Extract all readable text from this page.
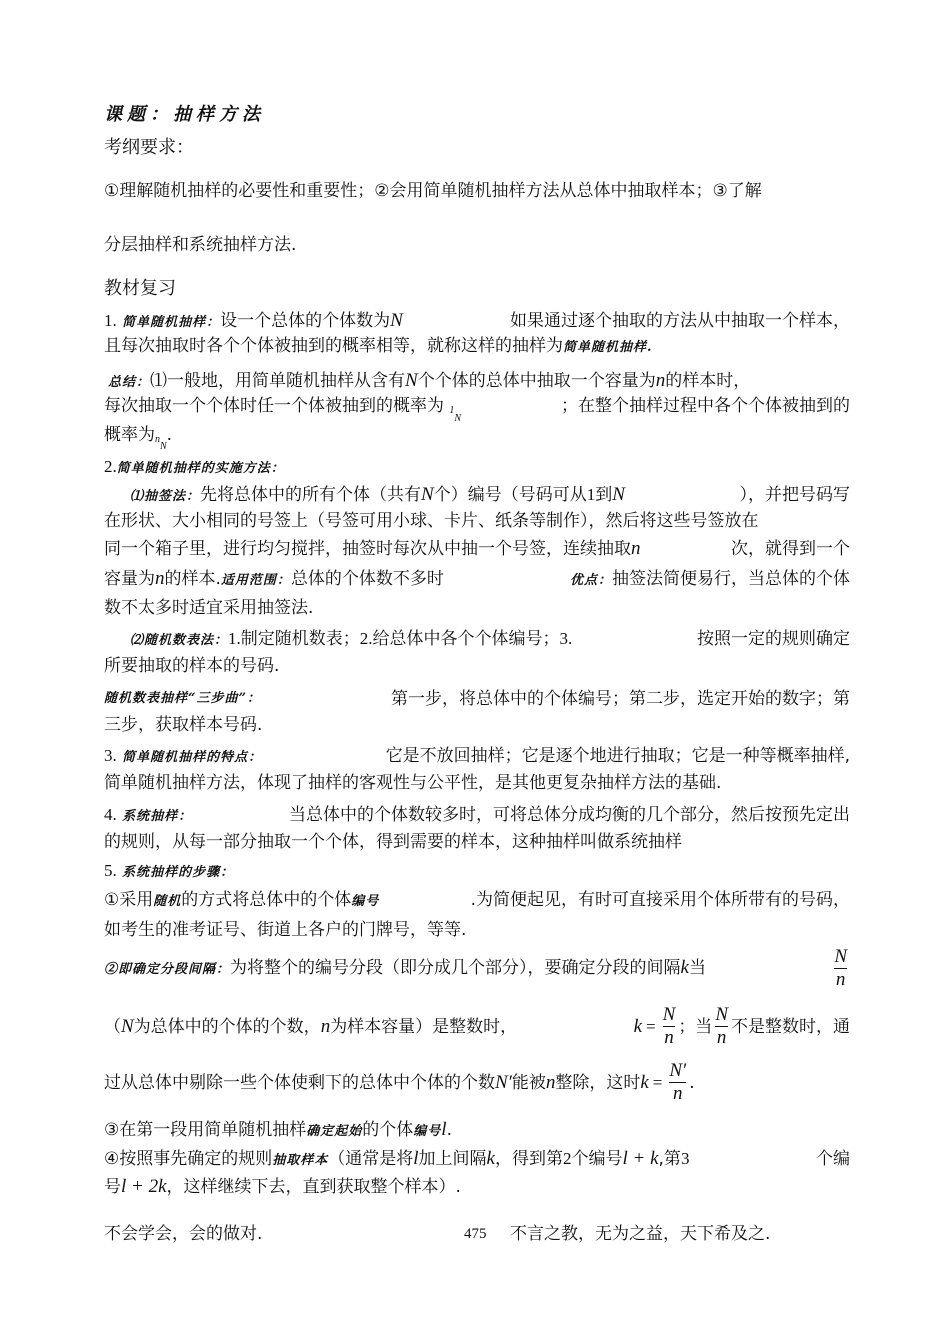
课题：抽样方法
考纲要求：
①理解随机抽样的必要性和重要性；②会用简单随机抽样方法从总体中抽取样本；③了解
分层抽样和系统抽样方法.
教材复习
1. 简单随机抽样：设一个总体的个体数为N	如果通过逐个抽取的方法从中抽取一个样本，
且每次抽取时各个个体被抽到的概率相等，就称这样的抽样为简单随机抽样.
总结：⑴一般地，用简单随机抽样从含有N个个体的总体中抽取一个容量为n的样本时，
每次抽取一个个体时任一个体被抽到的概率为 $1_N$
；在整个抽样过程中各个个体被抽到的
概率为$n_N$.
2.简单随机抽样的实施方法：
⑴抽签法：先将总体中的所有个体（共有N个）编号（号码可从1到N	），并把号码写
在形状、大小相同的号签上（号签可用小球、卡片、纸条等制作），然后将这些号签放在
同一个箱子里，进行均匀搅拌，抽签时每次从中抽一个号签，连续抽取n	次，就得到一个
容量为n的样本.适用范围：总体的个体数不多时	优点：抽签法简便易行，当总体的个体
数不太多时适宜采用抽签法.
⑵随机数表法：1.制定随机数表；2.给总体中各个个体编号；3.	按照一定的规则确定
所要抽取的样本的号码.
随机数表抽样“三步曲”：	第一步，将总体中的个体编号；第二步，选定开始的数字；第
三步，获取样本号码.
3. 简单随机抽样的特点：	它是不放回抽样；它是逐个地进行抽取；它是一种等概率抽样,
简单随机抽样方法，体现了抽样的客观性与公平性，是其他更复杂抽样方法的基础.
4. 系统抽样：	当总体中的个体数较多时，可将总体分成均衡的几个部分，然后按预先定出
的规则，从每一部分抽取一个个体，得到需要的样本，这种抽样叫做系统抽样
5. 系统抽样的步骤：
①采用随机的方式将总体中的个体编号	.为简便起见，有时可直接采用个体所带有的号码，
如考生的准考证号、街道上各户的门牌号，等等.
②即确定分段间隔：为将整个的编号分段（即分成几个部分），要确定分段的间隔k当	$\frac{N}{n}$
（N为总体中的个体的个数，n为样本容量）是整数时，	$k = \frac{N}{n}$ ；当 $\frac{N}{n}$ 不是整数时，通
过从总体中剔除一些个体使剩下的总体中个体的个数 N′ 能被 n 整除，这时 $k = \frac{N'}{n}$ .
③在第一段用简单随机抽样确定起始的个体编号l.
④按照事先确定的规则抽取样本（通常是将l加上间隔k，得到第2个编号l + k,第3	个编
号l + 2k，这样继续下去，直到获取整个样本）.
不会学会，会的做对.	475 不言之教，无为之益，天下希及之.
